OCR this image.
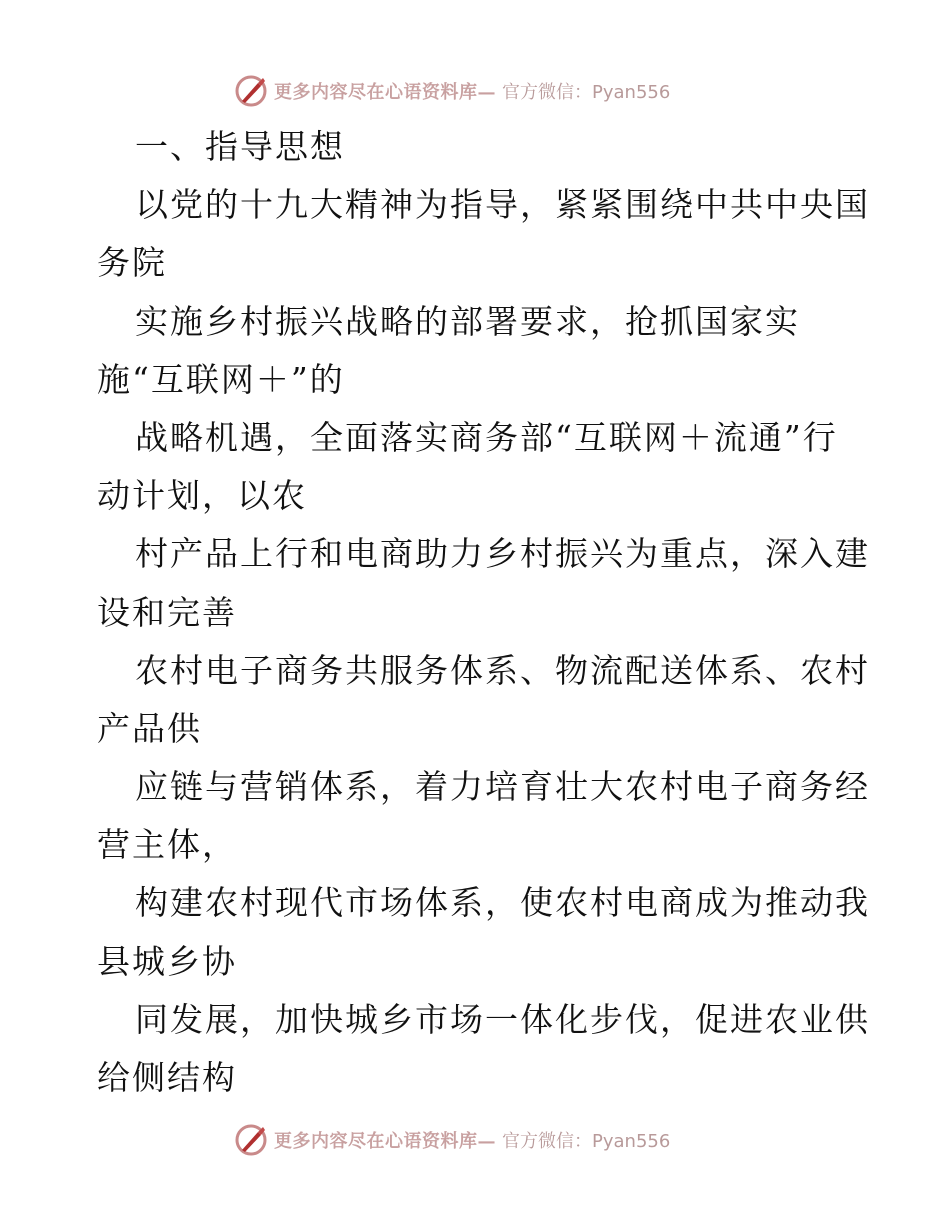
更多内容尽在心语资料库— 官方微信：Pyan556
一、指导思想
以党的十九大精神为指导，紧紧围绕中共中央国
务院
实施乡村振兴战略的部署要求，抢抓国家实
施“互联网＋”的
战略机遇，全面落实商务部“互联网＋流通”行
动计划，以农
村产品上行和电商助力乡村振兴为重点，深入建
设和完善
农村电子商务共服务体系、物流配送体系、农村
产品供
应链与营销体系，着力培育壮大农村电子商务经
营主体，
构建农村现代市场体系，使农村电商成为推动我
县城乡协
同发展，加快城乡市场一体化步伐，促进农业供
给侧结构
更多内容尽在心语资料库— 官方微信：Pyan556
